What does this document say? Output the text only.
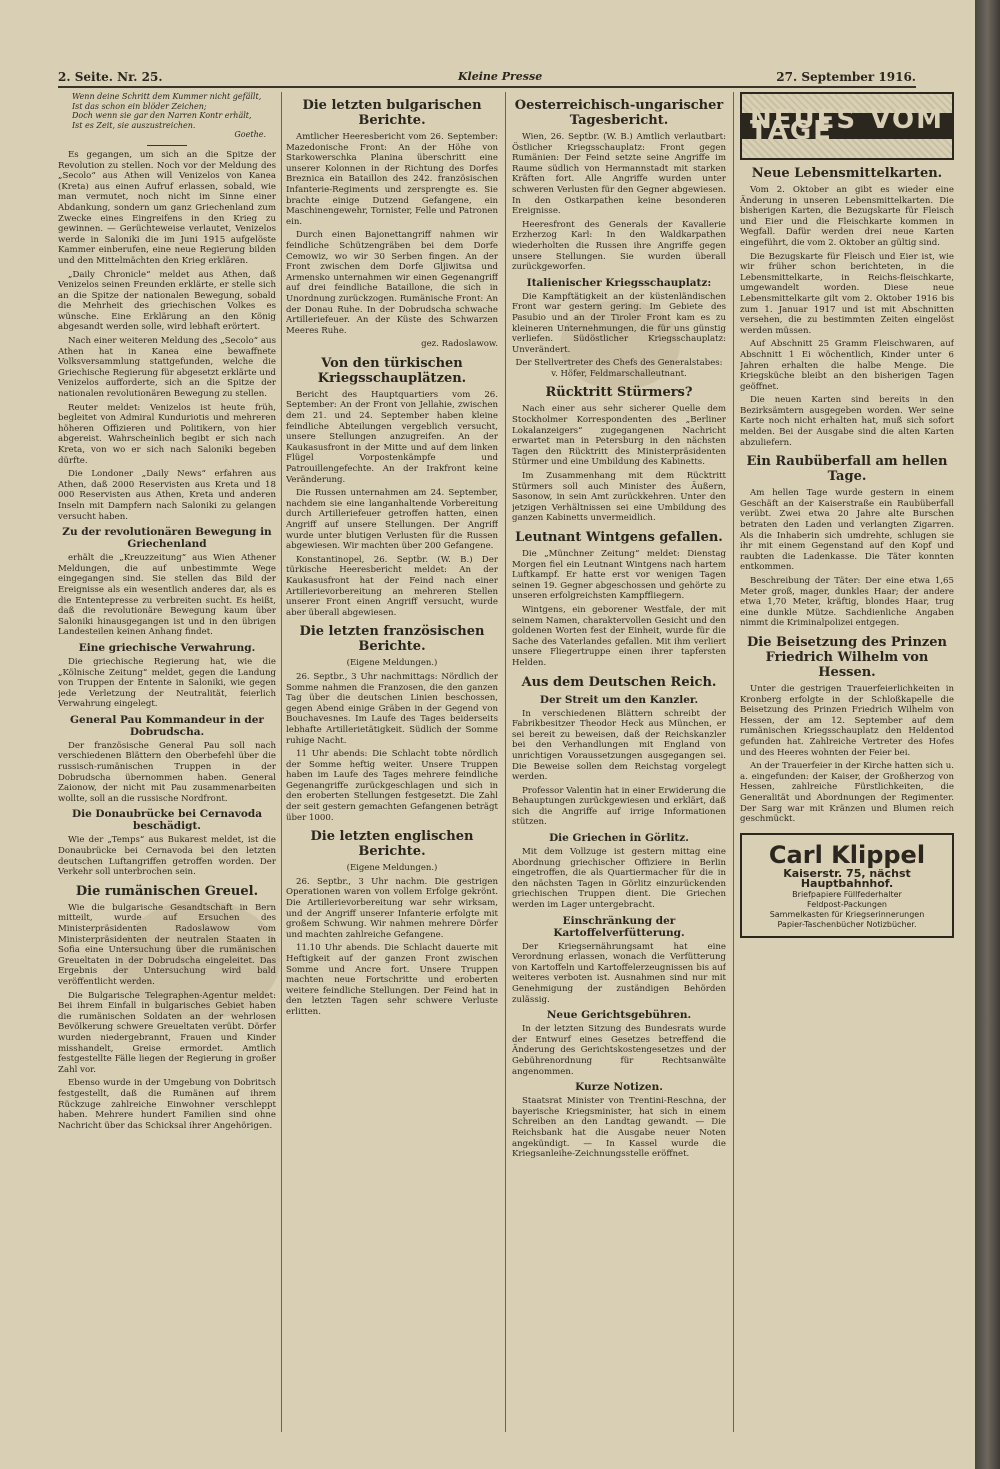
2. Seite. Nr. 25.	Kleine Presse	27. September 1916.
Wenn deine Schritt dem Kummer nicht gefällt,
Ist das schon ein blöder Zeichen;
Doch wenn sie gar den Narren Kontr erhält,
Ist es Zeit, sie auszustreichen.
Goethe.

Es gegangen, um sich an die Spitze der Revolution zu stellen. Noch vor der Meldung des „Secolo“ aus Athen will Venizelos von Kanea (Kreta) aus einen Aufruf erlassen, sobald, wie man vermutet, noch nicht im Sinne einer Abdankung, sondern um ganz Griechenland zum Zwecke eines Eingreifens in den Krieg zu gewinnen. — Gerüchteweise verlautet, Venizelos werde in Saloniki die im Juni 1915 aufgelöste Kammer einberufen, eine neue Regierung bilden und den Mittelmächten den Krieg erklären.

„Daily Chronicle“ meldet aus Athen, daß Venizelos seinen Freunden erklärte, er stelle sich an die Spitze der nationalen Bewegung, sobald die Mehrheit des griechischen Volkes es wünsche. Eine Erklärung an den König abgesandt werden solle, wird lebhaft erörtert.

Nach einer weiteren Meldung des „Secolo“ aus Athen hat in Kanea eine bewaffnete Volksversammlung stattgefunden, welche die Griechische Regierung für abgesetzt erklärte und Venizelos aufforderte, sich an die Spitze der nationalen revolutionären Bewegung zu stellen.

Reuter meldet: Venizelos ist heute früh, begleitet von Admiral Kunduriotis und mehreren höheren Offizieren und Politikern, von hier abgereist. Wahrscheinlich begibt er sich nach Kreta, von wo er sich nach Saloniki begeben dürfte.

Die Londoner „Daily News“ erfahren aus Athen, daß 2000 Reservisten aus Kreta und 18 000 Reservisten aus Athen, Kreta und anderen Inseln mit Dampfern nach Saloniki zu gelangen versucht haben.

Zu der revolutionären Bewegung in Griechenland

erhält die „Kreuzzeitung“ aus Wien Athener Meldungen, die auf unbestimmte Wege eingegangen sind. Sie stellen das Bild der Ereignisse als ein wesentlich anderes dar, als es die Ententepresse zu verbreiten sucht. Es heißt, daß die revolutionäre Bewegung kaum über Saloniki hinausgegangen ist und in den übrigen Landesteilen keinen Anhang findet.

Eine griechische Verwahrung.

Die griechische Regierung hat, wie die „Kölnische Zeitung“ meldet, gegen die Landung von Truppen der Entente in Saloniki, wie gegen jede Verletzung der Neutralität, feierlich Verwahrung eingelegt.

General Pau Kommandeur in der Dobrudscha.

Der französische General Pau soll nach verschiedenen Blättern den Oberbefehl über die russisch-rumänischen Truppen in der Dobrudscha übernommen haben. General Zaionow, der nicht mit Pau zusammenarbeiten wollte, soll an die russische Nordfront.

Die Donaubrücke bei Cernavoda beschädigt.

Wie der „Temps“ aus Bukarest meldet, ist die Donaubrücke bei Cernavoda bei den letzten deutschen Luftangriffen getroffen worden. Der Verkehr soll unterbrochen sein.

Die rumänischen Greuel.

Wie die bulgarische Gesandtschaft in Bern mitteilt, wurde auf Ersuchen des Ministerpräsidenten Radoslawow vom Ministerpräsidenten der neutralen Staaten in Sofia eine Untersuchung über die rumänischen Greueltaten in der Dobrudscha eingeleitet. Das Ergebnis der Untersuchung wird bald veröffentlicht werden.

Die Bulgarische Telegraphen-Agentur meldet: Bei ihrem Einfall in bulgarisches Gebiet haben die rumänischen Soldaten an der wehrlosen Bevölkerung schwere Greueltaten verübt. Dörfer wurden niedergebrannt, Frauen und Kinder misshandelt, Greise ermordet. Amtlich festgestellte Fälle liegen der Regierung in großer Zahl vor.

Ebenso wurde in der Umgebung von Dobritsch festgestellt, daß die Rumänen auf ihrem Rückzuge zahlreiche Einwohner verschleppt haben. Mehrere hundert Familien sind ohne Nachricht über das Schicksal ihrer Angehörigen.

Die letzten bulgarischen Berichte.

Amtlicher Heeresbericht vom 26. September: Mazedonische Front: An der Höhe von Starkowerschka Planina überschritt eine unserer Kolonnen in der Richtung des Dorfes Breznica ein Bataillon des 242. französischen Infanterie-Regiments und zersprengte es. Sie brachte einige Dutzend Gefangene, ein Maschinengewehr, Tornister, Felle und Patronen ein.

Durch einen Bajonettangriff nahmen wir feindliche Schützengräben bei dem Dorfe Cemowiz, wo wir 30 Serben fingen. An der Front zwischen dem Dorfe Gljiwitsa und Armensko unternahmen wir einen Gegenangriff auf drei feindliche Bataillone, die sich in Unordnung zurückzogen. Rumänische Front: An der Donau Ruhe. In der Dobrudscha schwache Artilleriefeuer. An der Küste des Schwarzen Meeres Ruhe.

gez. Radoslawow.
Von den türkischen Kriegsschauplätzen.

Bericht des Hauptquartiers vom 26. September: An der Front von Jellahie, zwischen dem 21. und 24. September haben kleine feindliche Abteilungen vergeblich versucht, unsere Stellungen anzugreifen. An der Kaukasusfront in der Mitte und auf dem linken Flügel Vorpostenkämpfe und Patrouillengefechte. An der Irakfront keine Veränderung.

Die Russen unternahmen am 24. September, nachdem sie eine langanhaltende Vorbereitung durch Artilleriefeuer getroffen hatten, einen Angriff auf unsere Stellungen. Der Angriff wurde unter blutigen Verlusten für die Russen abgewiesen. Wir machten über 200 Gefangene.

Konstantinopel, 26. Septbr. (W. B.) Der türkische Heeresbericht meldet: An der Kaukasusfront hat der Feind nach einer Artillerievorbereitung an mehreren Stellen unserer Front einen Angriff versucht, wurde aber überall abgewiesen.

Die letzten französischen Berichte.
(Eigene Meldungen.)

26. Septbr., 3 Uhr nachmittags: Nördlich der Somme nahmen die Franzosen, die den ganzen Tag über die deutschen Linien beschossen, gegen Abend einige Gräben in der Gegend von Bouchavesnes. Im Laufe des Tages beiderseits lebhafte Artillerietätigkeit. Südlich der Somme ruhige Nacht.

11 Uhr abends: Die Schlacht tobte nördlich der Somme heftig weiter. Unsere Truppen haben im Laufe des Tages mehrere feindliche Gegenangriffe zurückgeschlagen und sich in den eroberten Stellungen festgesetzt. Die Zahl der seit gestern gemachten Gefangenen beträgt über 1000.

Die letzten englischen Berichte.
(Eigene Meldungen.)

26. Septbr., 3 Uhr nachm. Die gestrigen Operationen waren von vollem Erfolge gekrönt. Die Artillerievorbereitung war sehr wirksam, und der Angriff unserer Infanterie erfolgte mit großem Schwung. Wir nahmen mehrere Dörfer und machten zahlreiche Gefangene.

11.10 Uhr abends. Die Schlacht dauerte mit Heftigkeit auf der ganzen Front zwischen Somme und Ancre fort. Unsere Truppen machten neue Fortschritte und eroberten weitere feindliche Stellungen. Der Feind hat in den letzten Tagen sehr schwere Verluste erlitten.

Oesterreichisch-ungarischer Tagesbericht.

Wien, 26. Septbr. (W. B.) Amtlich verlautbart: Östlicher Kriegsschauplatz: Front gegen Rumänien: Der Feind setzte seine Angriffe im Raume südlich von Hermannstadt mit starken Kräften fort. Alle Angriffe wurden unter schweren Verlusten für den Gegner abgewiesen. In den Ostkarpathen keine besonderen Ereignisse.

Heeresfront des Generals der Kavallerie Erzherzog Karl: In den Waldkarpathen wiederholten die Russen ihre Angriffe gegen unsere Stellungen. Sie wurden überall zurückgeworfen.

Italienischer Kriegsschauplatz:

Die Kampftätigkeit an der küstenländischen Front war gestern gering. Im Gebiete des Pasubio und an der Tiroler Front kam es zu kleineren Unternehmungen, die für uns günstig verliefen. Südöstlicher Kriegsschauplatz: Unverändert.

Der Stellvertreter des Chefs des Generalstabes: v. Höfer, Feldmarschalleutnant.
Rücktritt Stürmers?

Nach einer aus sehr sicherer Quelle dem Stockholmer Korrespondenten des „Berliner Lokalanzeigers“ zugegangenen Nachricht erwartet man in Petersburg in den nächsten Tagen den Rücktritt des Ministerpräsidenten Stürmer und eine Umbildung des Kabinetts.

Im Zusammenhang mit dem Rücktritt Stürmers soll auch Minister des Äußern, Sasonow, in sein Amt zurückkehren. Unter den jetzigen Verhältnissen sei eine Umbildung des ganzen Kabinetts unvermeidlich.

Leutnant Wintgens gefallen.

Die „Münchner Zeitung“ meldet: Dienstag Morgen fiel ein Leutnant Wintgens nach hartem Luftkampf. Er hatte erst vor wenigen Tagen seinen 19. Gegner abgeschossen und gehörte zu unseren erfolgreichsten Kampffliegern.

Wintgens, ein geborener Westfale, der mit seinem Namen, charaktervollen Gesicht und den goldenen Worten fest der Einheit, wurde für die Sache des Vaterlandes gefallen. Mit ihm verliert unsere Fliegertruppe einen ihrer tapfersten Helden.

Aus dem Deutschen Reich.
Der Streit um den Kanzler.

In verschiedenen Blättern schreibt der Fabrikbesitzer Theodor Heck aus München, er sei bereit zu beweisen, daß der Reichskanzler bei den Verhandlungen mit England von unrichtigen Voraussetzungen ausgegangen sei. Die Beweise sollen dem Reichstag vorgelegt werden.

Professor Valentin hat in einer Erwiderung die Behauptungen zurückgewiesen und erklärt, daß sich die Angriffe auf irrige Informationen stützen.

Die Griechen in Görlitz.

Mit dem Vollzuge ist gestern mittag eine Abordnung griechischer Offiziere in Berlin eingetroffen, die als Quartiermacher für die in den nächsten Tagen in Görlitz einzurückenden griechischen Truppen dient. Die Griechen werden im Lager untergebracht.

Einschränkung der Kartoffelverfütterung.

Der Kriegsernährungsamt hat eine Verordnung erlassen, wonach die Verfütterung von Kartoffeln und Kartoffelerzeugnissen bis auf weiteres verboten ist. Ausnahmen sind nur mit Genehmigung der zuständigen Behörden zulässig.

Neue Gerichtsgebühren.

In der letzten Sitzung des Bundesrats wurde der Entwurf eines Gesetzes betreffend die Änderung des Gerichtskostengesetzes und der Gebührenordnung für Rechtsanwälte angenommen.

Kurze Notizen.

Staatsrat Minister von Trentini-Reschna, der bayerische Kriegsminister, hat sich in einem Schreiben an den Landtag gewandt. — Die Reichsbank hat die Ausgabe neuer Noten angekündigt. — In Kassel wurde die Kriegsanleihe-Zeichnungsstelle eröffnet.

NEUES VOM TAGE
Neue Lebensmittelkarten.

Vom 2. Oktober an gibt es wieder eine Änderung in unseren Lebensmittelkarten. Die bisherigen Karten, die Bezugskarte für Fleisch und Eier und die Fleischkarte kommen in Wegfall. Dafür werden drei neue Karten eingeführt, die vom 2. Oktober an gültig sind.

Die Bezugskarte für Fleisch und Eier ist, wie wir früher schon berichteten, in die Lebensmittelkarte, in Reichs-fleischkarte, umgewandelt worden. Diese neue Lebensmittelkarte gilt vom 2. Oktober 1916 bis zum 1. Januar 1917 und ist mit Abschnitten versehen, die zu bestimmten Zeiten eingelöst werden müssen.

Auf Abschnitt 25 Gramm Fleischwaren, auf Abschnitt 1 Ei wöchentlich, Kinder unter 6 Jahren erhalten die halbe Menge. Die Kriegsküche bleibt an den bisherigen Tagen geöffnet.

Die neuen Karten sind bereits in den Bezirksämtern ausgegeben worden. Wer seine Karte noch nicht erhalten hat, muß sich sofort melden. Bei der Ausgabe sind die alten Karten abzuliefern.

Ein Raubüberfall am hellen Tage.

Am hellen Tage wurde gestern in einem Geschäft an der Kaiserstraße ein Raubüberfall verübt. Zwei etwa 20 Jahre alte Burschen betraten den Laden und verlangten Zigarren. Als die Inhaberin sich umdrehte, schlugen sie ihr mit einem Gegenstand auf den Kopf und raubten die Ladenkasse. Die Täter konnten entkommen.

Beschreibung der Täter: Der eine etwa 1,65 Meter groß, mager, dunkles Haar; der andere etwa 1,70 Meter, kräftig, blondes Haar, trug eine dunkle Mütze. Sachdienliche Angaben nimmt die Kriminalpolizei entgegen.

Die Beisetzung des Prinzen Friedrich Wilhelm von Hessen.

Unter die gestrigen Trauerfeierlichkeiten in Kronberg erfolgte in der Schloßkapelle die Beisetzung des Prinzen Friedrich Wilhelm von Hessen, der am 12. September auf dem rumänischen Kriegsschauplatz den Heldentod gefunden hat. Zahlreiche Vertreter des Hofes und des Heeres wohnten der Feier bei.

An der Trauerfeier in der Kirche hatten sich u. a. eingefunden: der Kaiser, der Großherzog von Hessen, zahlreiche Fürstlichkeiten, die Generalität und Abordnungen der Regimenter. Der Sarg war mit Kränzen und Blumen reich geschmückt.

Carl Klippel
Kaiserstr. 75, nächst Hauptbahnhof.
Briefpapiere Füllfederhalter
Feldpost-Packungen
Sammelkasten für Kriegserinnerungen
Papier-Taschenbücher Notizbücher.
